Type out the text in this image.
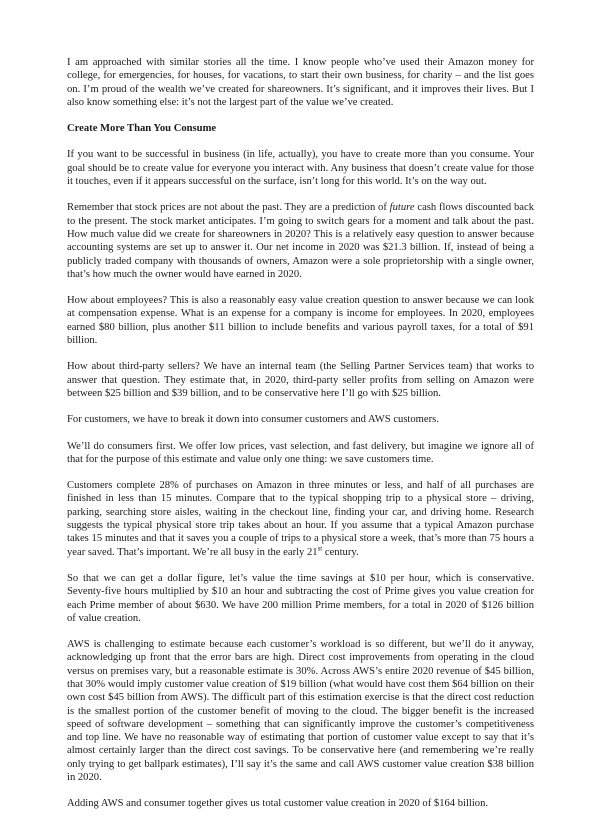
I am approached with similar stories all the time. I know people who’ve used their Amazon money for college, for emergencies, for houses, for vacations, to start their own business, for charity – and the list goes on. I’m proud of the wealth we’ve created for shareowners. It’s significant, and it improves their lives. But I also know something else: it’s not the largest part of the value we’ve created.

Create More Than You Consume

If you want to be successful in business (in life, actually), you have to create more than you consume. Your goal should be to create value for everyone you interact with. Any business that doesn’t create value for those it touches, even if it appears successful on the surface, isn’t long for this world. It’s on the way out.

Remember that stock prices are not about the past. They are a prediction of future cash flows discounted back to the present. The stock market anticipates. I’m going to switch gears for a moment and talk about the past. How much value did we create for shareowners in 2020? This is a relatively easy question to answer because accounting systems are set up to answer it. Our net income in 2020 was $21.3 billion. If, instead of being a publicly traded company with thousands of owners, Amazon were a sole proprietorship with a single owner, that’s how much the owner would have earned in 2020.

How about employees? This is also a reasonably easy value creation question to answer because we can look at compensation expense. What is an expense for a company is income for employees. In 2020, employees earned $80 billion, plus another $11 billion to include benefits and various payroll taxes, for a total of $91 billion.

How about third-party sellers? We have an internal team (the Selling Partner Services team) that works to answer that question. They estimate that, in 2020, third-party seller profits from selling on Amazon were between $25 billion and $39 billion, and to be conservative here I’ll go with $25 billion.

For customers, we have to break it down into consumer customers and AWS customers.

We’ll do consumers first. We offer low prices, vast selection, and fast delivery, but imagine we ignore all of that for the purpose of this estimate and value only one thing: we save customers time.

Customers complete 28% of purchases on Amazon in three minutes or less, and half of all purchases are finished in less than 15 minutes. Compare that to the typical shopping trip to a physical store – driving, parking, searching store aisles, waiting in the checkout line, finding your car, and driving home. Research suggests the typical physical store trip takes about an hour. If you assume that a typical Amazon purchase takes 15 minutes and that it saves you a couple of trips to a physical store a week, that’s more than 75 hours a year saved. That’s important. We’re all busy in the early 21st century.

So that we can get a dollar figure, let’s value the time savings at $10 per hour, which is conservative. Seventy-five hours multiplied by $10 an hour and subtracting the cost of Prime gives you value creation for each Prime member of about $630. We have 200 million Prime members, for a total in 2020 of $126 billion of value creation.

AWS is challenging to estimate because each customer’s workload is so different, but we’ll do it anyway, acknowledging up front that the error bars are high. Direct cost improvements from operating in the cloud versus on premises vary, but a reasonable estimate is 30%. Across AWS’s entire 2020 revenue of $45 billion, that 30% would imply customer value creation of $19 billion (what would have cost them $64 billion on their own cost $45 billion from AWS). The difficult part of this estimation exercise is that the direct cost reduction is the smallest portion of the customer benefit of moving to the cloud. The bigger benefit is the increased speed of software development – something that can significantly improve the customer’s competitiveness and top line. We have no reasonable way of estimating that portion of customer value except to say that it’s almost certainly larger than the direct cost savings. To be conservative here (and remembering we’re really only trying to get ballpark estimates), I’ll say it’s the same and call AWS customer value creation $38 billion in 2020.

Adding AWS and consumer together gives us total customer value creation in 2020 of $164 billion.
